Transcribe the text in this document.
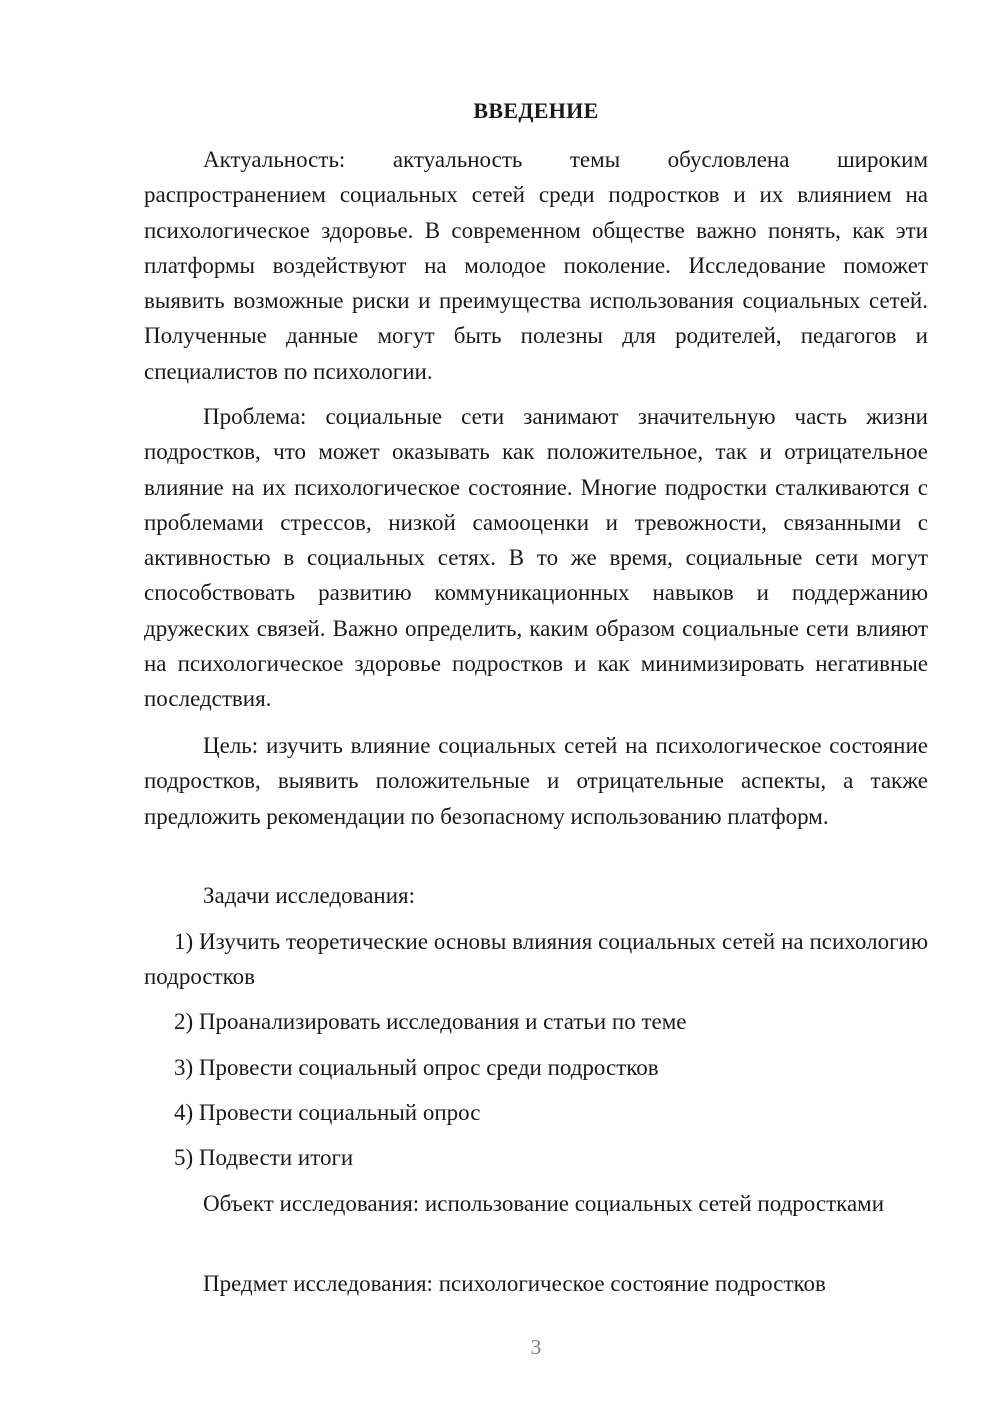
ВВЕДЕНИЕ

Актуальность: актуальность темы обусловлена широким распространением социальных сетей среди подростков и их влиянием на психологическое здоровье. В современном обществе важно понять, как эти платформы воздействуют на молодое поколение. Исследование поможет выявить возможные риски и преимущества использования социальных сетей. Полученные данные могут быть полезны для родителей, педагогов и специалистов по психологии.

Проблема: социальные сети занимают значительную часть жизни подростков, что может оказывать как положительное, так и отрицательное влияние на их психологическое состояние. Многие подростки сталкиваются с проблемами стрессов, низкой самооценки и тревожности, связанными с активностью в социальных сетях. В то же время, социальные сети могут способствовать развитию коммуникационных навыков и поддержанию дружеских связей. Важно определить, каким образом социальные сети влияют на психологическое здоровье подростков и как минимизировать негативные последствия.

Цель: изучить влияние социальных сетей на психологическое состояние подростков, выявить положительные и отрицательные аспекты, а также предложить рекомендации по безопасному использованию платформ.

Задачи исследования:

1) Изучить теоретические основы влияния социальных сетей на психологию подростков

2) Проанализировать исследования и статьи по теме

3) Провести социальный опрос среди подростков

4) Провести социальный опрос

5) Подвести итоги

Объект исследования: использование социальных сетей подростками

Предмет исследования: психологическое состояние подростков

3
